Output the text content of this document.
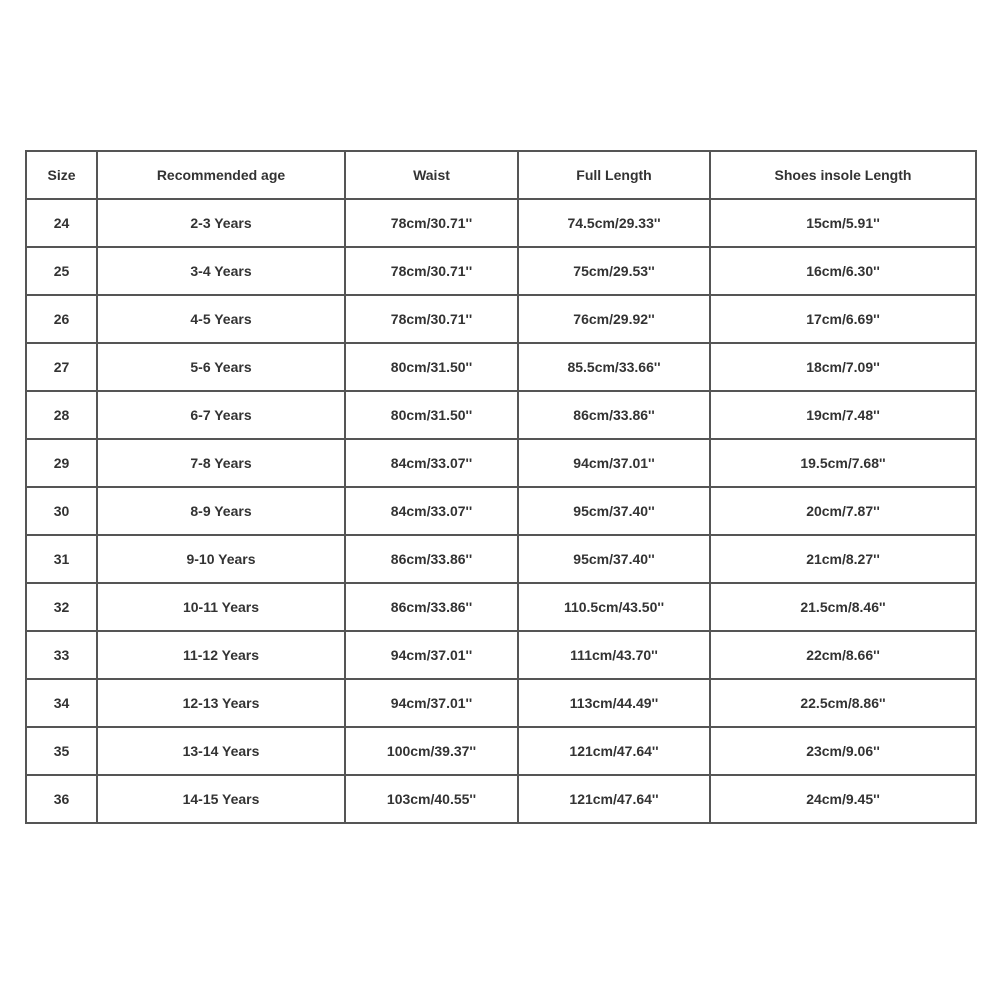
Size	Recommended age	Waist	Full Length	Shoes insole Length
24	2-3 Years	78cm/30.71''	74.5cm/29.33''	15cm/5.91''
25	3-4 Years	78cm/30.71''	75cm/29.53''	16cm/6.30''
26	4-5 Years	78cm/30.71''	76cm/29.92''	17cm/6.69''
27	5-6 Years	80cm/31.50''	85.5cm/33.66''	18cm/7.09''
28	6-7 Years	80cm/31.50''	86cm/33.86''	19cm/7.48''
29	7-8 Years	84cm/33.07''	94cm/37.01''	19.5cm/7.68''
30	8-9 Years	84cm/33.07''	95cm/37.40''	20cm/7.87''
31	9-10 Years	86cm/33.86''	95cm/37.40''	21cm/8.27''
32	10-11 Years	86cm/33.86''	110.5cm/43.50''	21.5cm/8.46''
33	11-12 Years	94cm/37.01''	111cm/43.70''	22cm/8.66''
34	12-13 Years	94cm/37.01''	113cm/44.49''	22.5cm/8.86''
35	13-14 Years	100cm/39.37''	121cm/47.64''	23cm/9.06''
36	14-15 Years	103cm/40.55''	121cm/47.64''	24cm/9.45''
